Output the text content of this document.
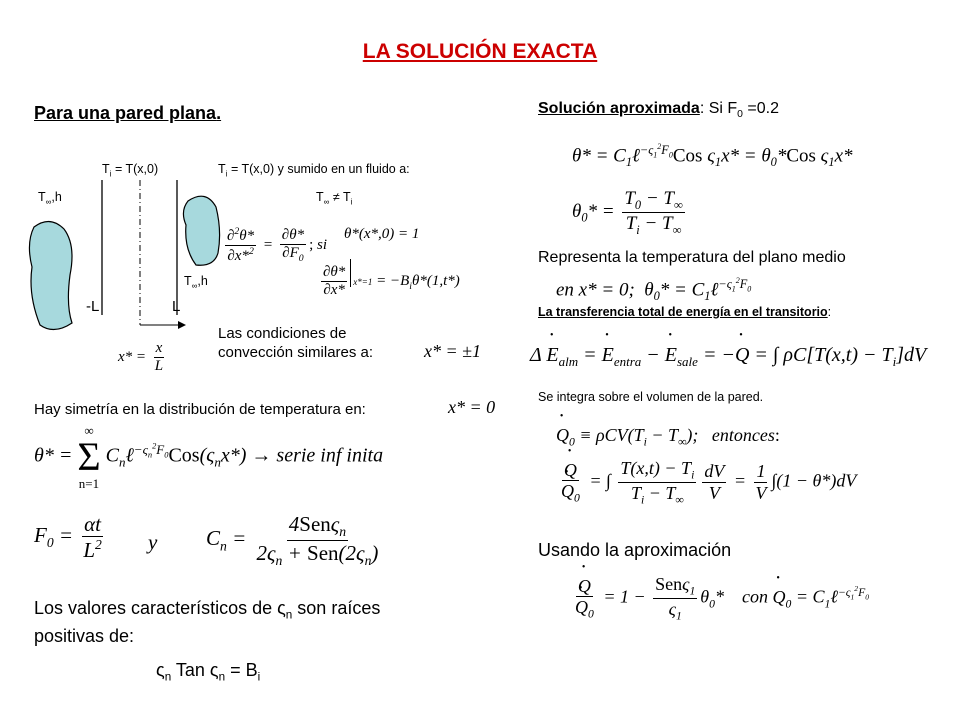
LA SOLUCIÓN EXACTA
Para una pared plana.
$T_i = T(x,0)$	$T_i = T(x,0)$ y sumido en un fluido a:
$T_\infty,h$	$T_\infty \ne T_i$
$T_\infty,h$
-L	L
$x* = \frac{x}{L}$
$\frac{\partial^2\theta*}{\partial x*^2} = \frac{\partial\theta*}{\partial F_0}$ ; si
θ*(x*,0) = 1
$\frac{\partial\theta*}{\partial x*} x*=1 = -B_i\theta*(1,t*)$
Las condiciones de
convección similares a:	x* = ±1
Hay simetría en la distribución de temperatura en:	x* = 0
θ* =
∞
Σ
n=1
$C_n\ell^{-\varsigma_n^2F_0}Cos(\varsigma_nx*)$ → serie inf inita
$F_0 = \frac{\alpha t}{L^2}$ y $C_n = \frac{4Sen\varsigma_n}{2\varsigma_n + Sen(2\varsigma_n)}$
Los valores característicos de $\varsigma_n$ son raíces
positivas de:
$\varsigma_n$ Tan $\varsigma_n = B_i$
Solución aproximada: Si $F_0 =0.2$
$\theta* = C_1\ell^{-\varsigma_1^2F_0}Cos$ $\varsigma_1x* = \theta_0*Cos$ $\varsigma_1x*$
$\theta_0* = \frac{T_0 - T_\infty}{T_i - T_\infty}$
Representa la temperatura del plano medio
en x* = 0;  $\theta_0*$ = $C_1\ell^{-\varsigma_1^2F_0}$
La transferencia total de energía en el transitorio:
Δ • $E_{alm}$ = • $E_{entra}$ − • $E_{sale}$ = −• Q = ∫ $\rho C[T(x,t) - T_i]dV$
Se integra sobre el volumen de la pared.
• $Q_0 \equiv \rho CV(T_i - T_\infty)$;   entonces:
• Q
• $Q_0$ = ∫ $\frac{T(x,t) - T_i}{T_i - T_\infty} \frac{dV}{V} = \frac{1}{V} \int(1 - \theta*)dV$
Usando la aproximación
• Q
• $Q_0 = 1 - \frac{Sen\varsigma_1}{\varsigma_1} \theta_0*$    con • $Q_0$ = $C_1\ell^{-\varsigma_1^2F_0}$
